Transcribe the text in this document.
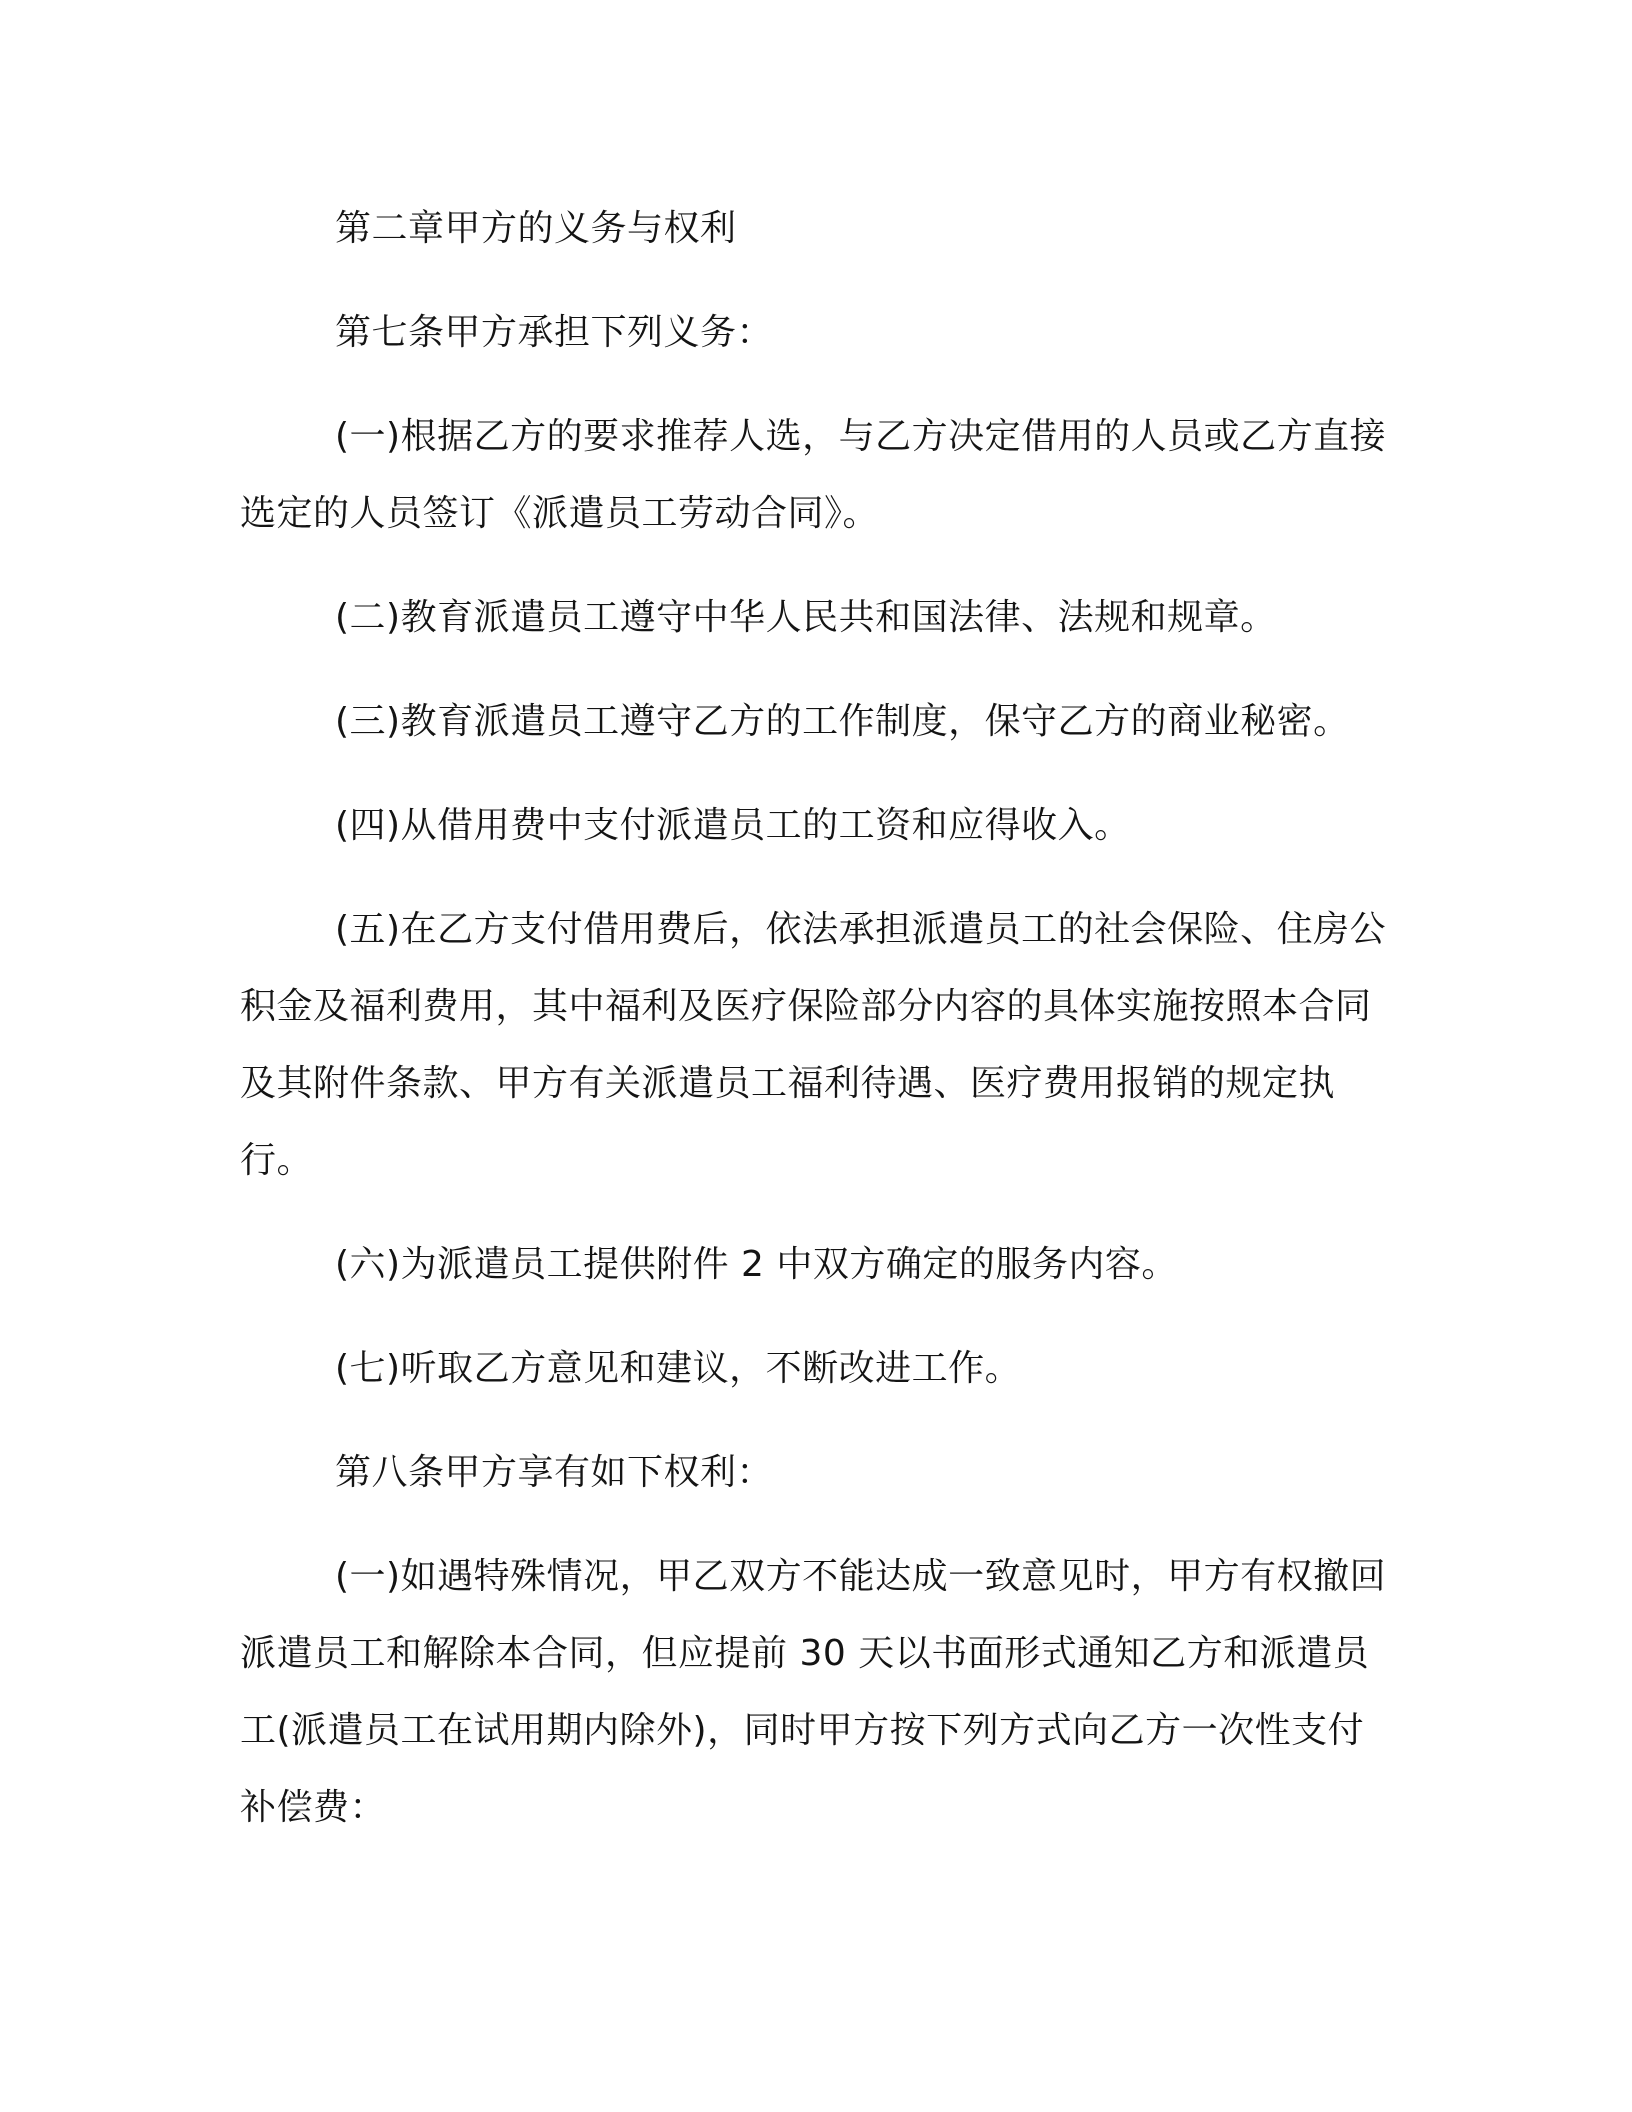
第二章甲方的义务与权利

第七条甲方承担下列义务：

(一)根据乙方的要求推荐人选，与乙方决定借用的人员或乙方直接选定的人员签订《派遣员工劳动合同》。

(二)教育派遣员工遵守中华人民共和国法律、法规和规章。

(三)教育派遣员工遵守乙方的工作制度，保守乙方的商业秘密。

(四)从借用费中支付派遣员工的工资和应得收入。

(五)在乙方支付借用费后，依法承担派遣员工的社会保险、住房公积金及福利费用，其中福利及医疗保险部分内容的具体实施按照本合同及其附件条款、甲方有关派遣员工福利待遇、医疗费用报销的规定执行。

(六)为派遣员工提供附件 2 中双方确定的服务内容。

(七)听取乙方意见和建议，不断改进工作。

第八条甲方享有如下权利：

(一)如遇特殊情况，甲乙双方不能达成一致意见时，甲方有权撤回派遣员工和解除本合同，但应提前 30 天以书面形式通知乙方和派遣员工(派遣员工在试用期内除外)，同时甲方按下列方式向乙方一次性支付补偿费：
